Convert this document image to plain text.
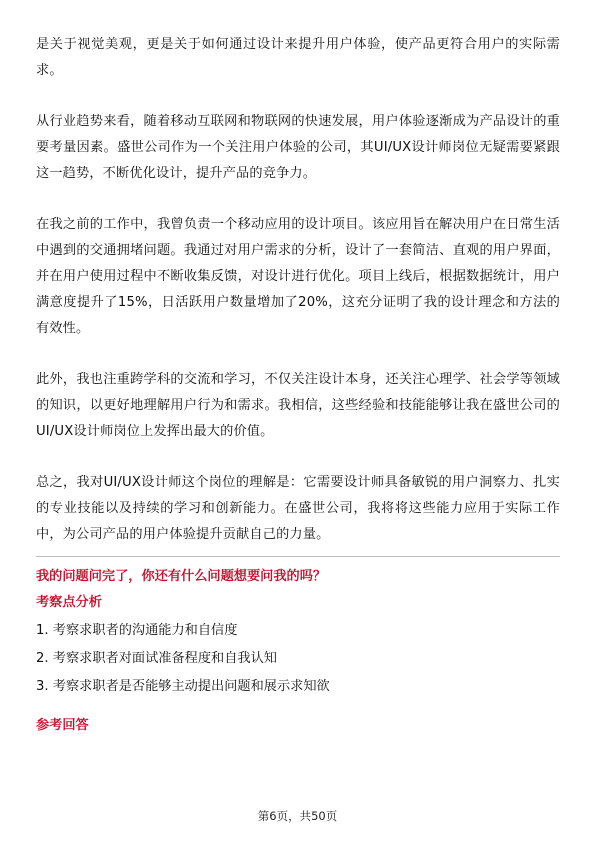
是关于视觉美观，更是关于如何通过设计来提升用户体验，使产品更符合用户的实际需求。

从行业趋势来看，随着移动互联网和物联网的快速发展，用户体验逐渐成为产品设计的重要考量因素。盛世公司作为一个关注用户体验的公司，其UI/UX设计师岗位无疑需要紧跟这一趋势，不断优化设计，提升产品的竞争力。

在我之前的工作中，我曾负责一个移动应用的设计项目。该应用旨在解决用户在日常生活中遇到的交通拥堵问题。我通过对用户需求的分析，设计了一套简洁、直观的用户界面，并在用户使用过程中不断收集反馈，对设计进行优化。项目上线后，根据数据统计，用户满意度提升了15%，日活跃用户数量增加了20%，这充分证明了我的设计理念和方法的有效性。

此外，我也注重跨学科的交流和学习，不仅关注设计本身，还关注心理学、社会学等领域的知识，以更好地理解用户行为和需求。我相信，这些经验和技能能够让我在盛世公司的UI/UX设计师岗位上发挥出最大的价值。

总之，我对UI/UX设计师这个岗位的理解是：它需要设计师具备敏锐的用户洞察力、扎实的专业技能以及持续的学习和创新能力。在盛世公司，我将将这些能力应用于实际工作中，为公司产品的用户体验提升贡献自己的力量。

我的问题问完了，你还有什么问题想要问我的吗？

考察点分析

1. 考察求职者的沟通能力和自信度
2. 考察求职者对面试准备程度和自我认知
3. 考察求职者是否能够主动提出问题和展示求知欲

参考回答

第6页，共50页
